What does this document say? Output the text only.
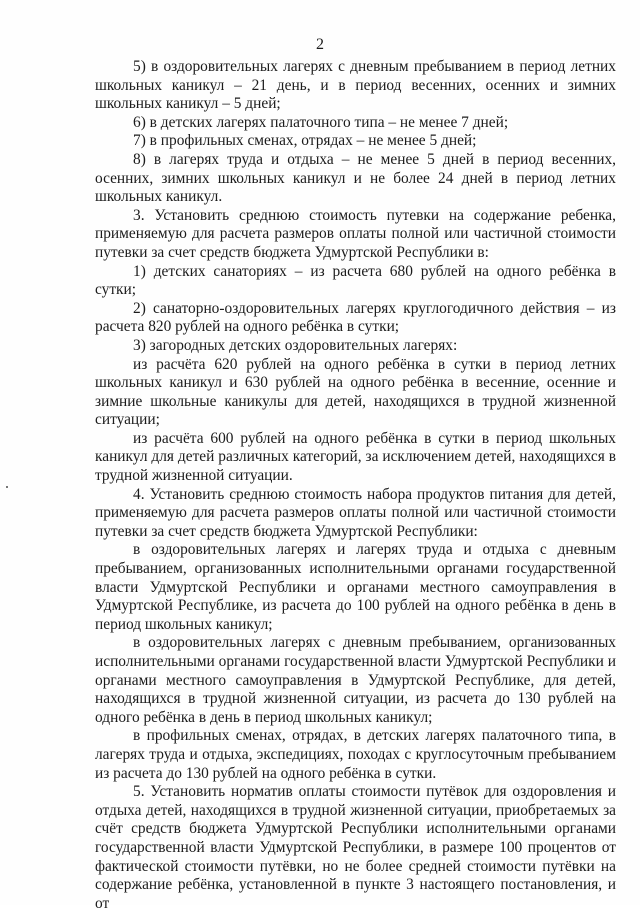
2

5) в оздоровительных лагерях с дневным пребыванием в период летних школьных каникул – 21 день, и в период весенних, осенних и зимних школьных каникул – 5 дней;

6) в детских лагерях палаточного типа – не менее 7 дней;

7) в профильных сменах, отрядах – не менее 5 дней;

8) в лагерях труда и отдыха – не менее 5 дней в период весенних, осенних, зимних школьных каникул и не более 24 дней в период летних школьных каникул.

3. Установить среднюю стоимость путевки на содержание ребенка, применяемую для расчета размеров оплаты полной или частичной стоимости путевки за счет средств бюджета Удмуртской Республики в:

1) детских санаториях – из расчета 680 рублей на одного ребёнка в сутки;

2) санаторно-оздоровительных лагерях круглогодичного действия – из расчета 820 рублей на одного ребёнка в сутки;

3) загородных детских оздоровительных лагерях:

из расчёта 620 рублей на одного ребёнка в сутки в период летних школьных каникул и 630 рублей на одного ребёнка в весенние, осенние и зимние школьные каникулы для детей, находящихся в трудной жизненной ситуации;

из расчёта 600 рублей на одного ребёнка в сутки в период школьных каникул для детей различных категорий, за исключением детей, находящихся в трудной жизненной ситуации.

4. Установить среднюю стоимость набора продуктов питания для детей, применяемую для расчета размеров оплаты полной или частичной стоимости путевки за счет средств бюджета Удмуртской Республики:

в оздоровительных лагерях и лагерях труда и отдыха с дневным пребыванием, организованных исполнительными органами государственной власти Удмуртской Республики и органами местного самоуправления в Удмуртской Республике, из расчета до 100 рублей на одного ребёнка в день в период школьных каникул;

в оздоровительных лагерях с дневным пребыванием, организованных исполнительными органами государственной власти Удмуртской Республики и органами местного самоуправления в Удмуртской Республике, для детей, находящихся в трудной жизненной ситуации, из расчета до 130 рублей на одного ребёнка в день в период школьных каникул;

в профильных сменах, отрядах, в детских лагерях палаточного типа, в лагерях труда и отдыха, экспедициях, походах с круглосуточным пребыванием из расчета до 130 рублей на одного ребёнка в сутки.

5. Установить норматив оплаты стоимости путёвок для оздоровления и отдыха детей, находящихся в трудной жизненной ситуации, приобретаемых за счёт средств бюджета Удмуртской Республики исполнительными органами государственной власти Удмуртской Республики, в размере 100 процентов от фактической стоимости путёвки, но не более средней стоимости путёвки на содержание ребёнка, установленной в пункте 3 настоящего постановления, и от
